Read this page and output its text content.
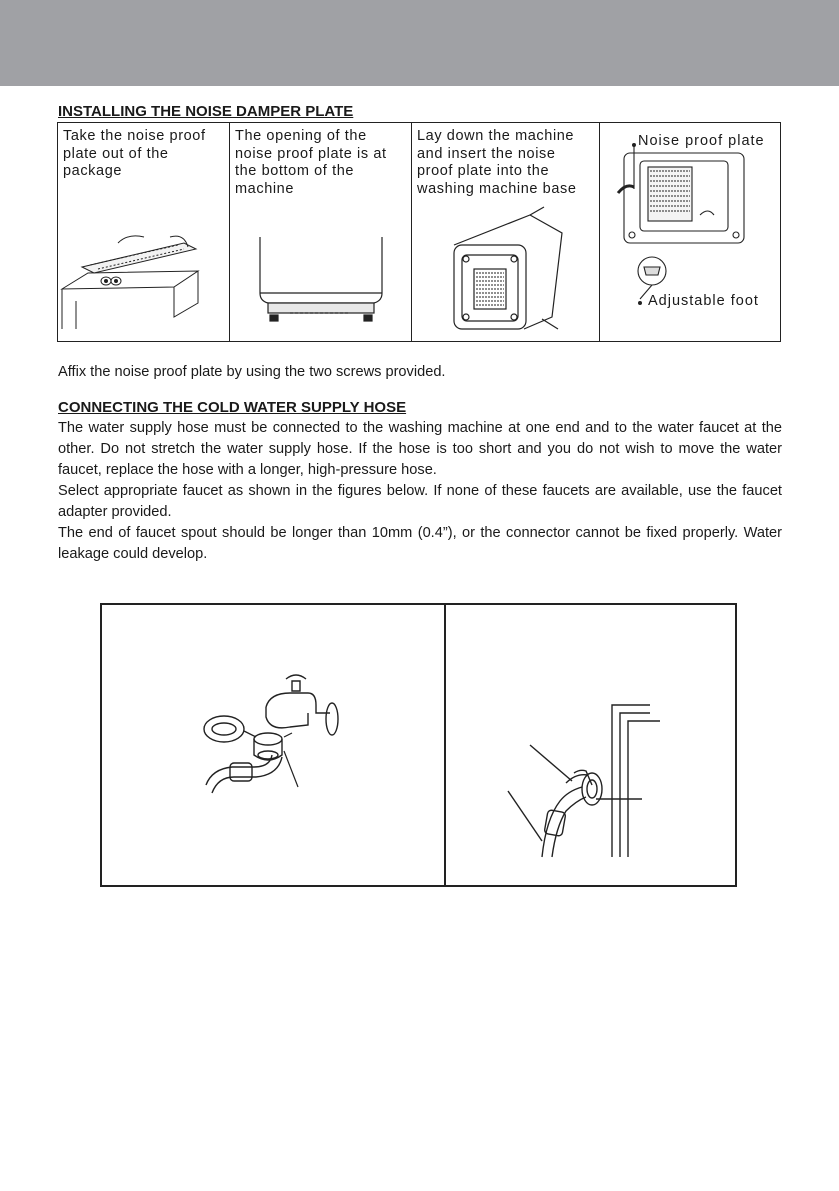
INSTALLING THE NOISE DAMPER PLATE

Take the noise proof plate out of the package

The opening of the noise proof plate is at the bottom of the machine

Lay down the machine and insert the noise proof plate into the washing machine base

Noise proof plate
Adjustable foot

Affix the noise proof plate by using the two screws provided.

CONNECTING THE COLD WATER SUPPLY HOSE

The water supply hose must be connected to the washing machine at one end and to the water faucet at the other. Do not stretch the water supply hose. If the hose is too short and you do not wish to move the water faucet, replace the hose with a longer, high-pressure hose.

Select appropriate faucet as shown in the figures below. If none of these faucets are available, use the faucet adapter provided.

The end of faucet spout should be longer than 10mm (0.4”), or the connector cannot be fixed properly. Water leakage could develop.
